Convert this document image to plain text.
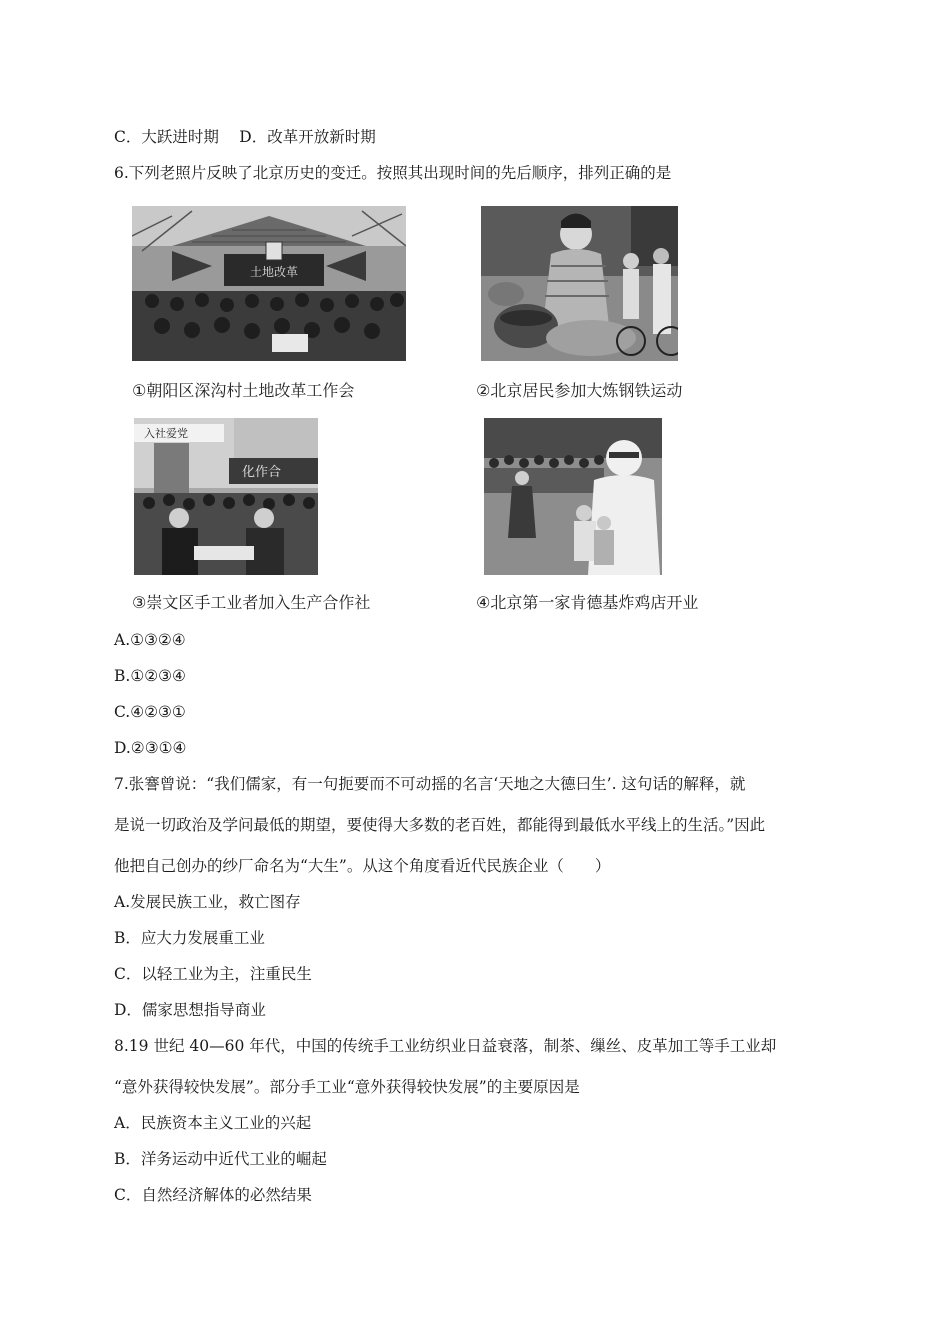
C．大跃进时期　 D．改革开放新时期
6.下列老照片反映了北京历史的变迁。按照其出现时间的先后顺序，排列正确的是
土地改革
①朝阳区深沟村土地改革工作会	②北京居民参加大炼钢铁运动
入社爱党
化作合
③崇文区手工业者加入生产合作社	④北京第一家肯德基炸鸡店开业
A.①③②④
B.①②③④
C.④②③①
D.②③①④
7.张謇曾说：“我们儒家，有一句扼要而不可动摇的名言‘天地之大德曰生’. 这句话的解释，就
是说一切政治及学问最低的期望，要使得大多数的老百姓，都能得到最低水平线上的生活。”因此
他把自己创办的纱厂命名为“大生”。从这个角度看近代民族企业（　　）
A.发展民族工业，救亡图存
B．应大力发展重工业
C．以轻工业为主，注重民生
D．儒家思想指导商业
8.19 世纪 40—60 年代，中国的传统手工业纺织业日益衰落，制茶、缫丝、皮革加工等手工业却
“意外获得较快发展”。部分手工业“意外获得较快发展”的主要原因是
A．民族资本主义工业的兴起
B．洋务运动中近代工业的崛起
C．自然经济解体的必然结果
